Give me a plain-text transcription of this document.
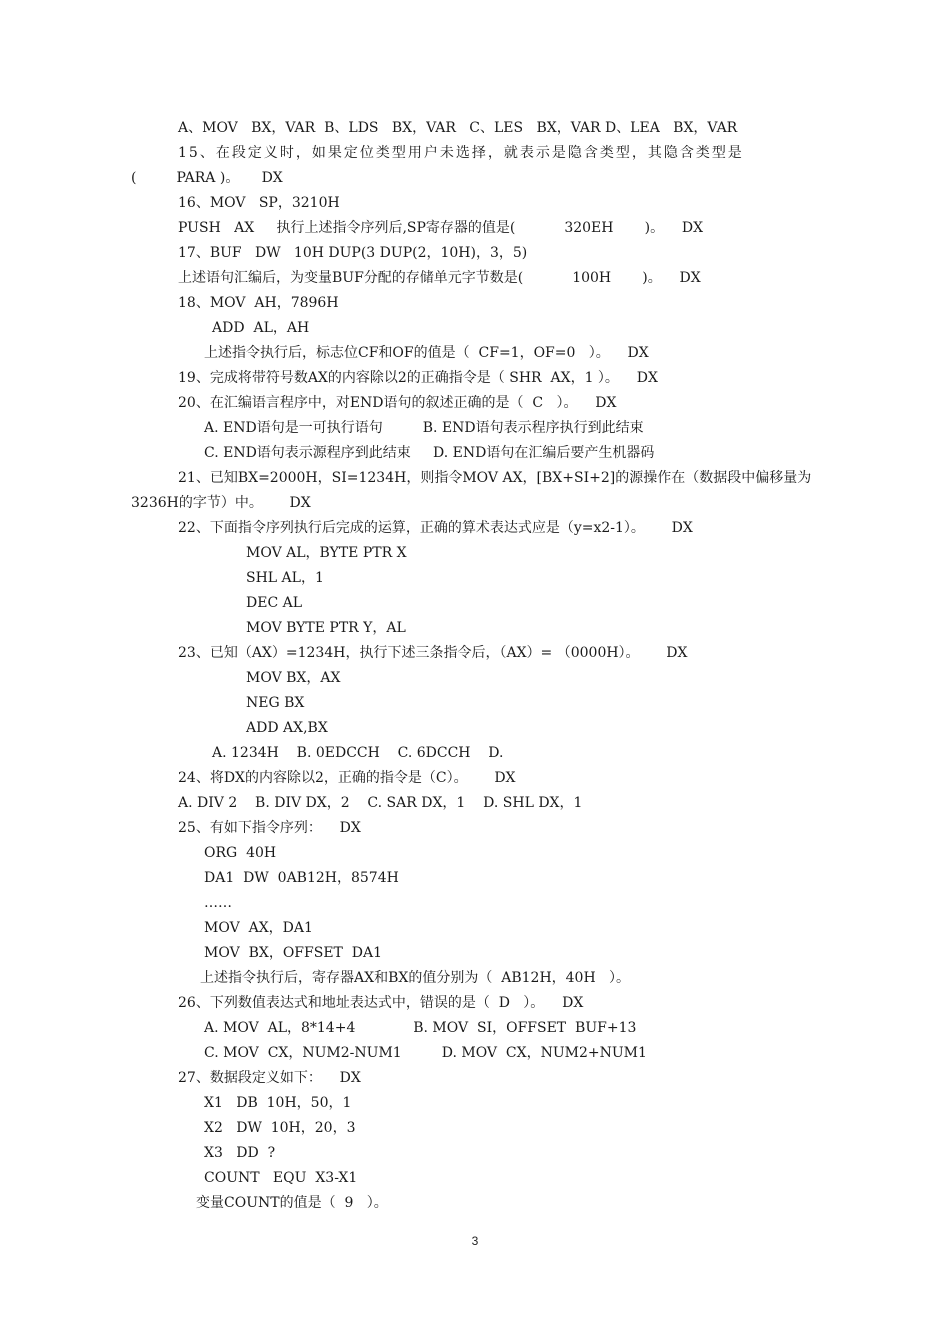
A、MOV   BX，VAR  B、LDS   BX，VAR   C、LES   BX，VAR D、LEA   BX，VAR
15、在段定义时，如果定位类型用户未选择，就表示是隐含类型，其隐含类型是
(         PARA )。     DX
16、MOV   SP，3210H
PUSH   AX     执行上述指令序列后,SP寄存器的值是(           320EH       )。    DX
17、BUF   DW   10H DUP(3 DUP(2，10H)，3，5)
上述语句汇编后，为变量BUF分配的存储单元字节数是(           100H       )。    DX
18、MOV  AH，7896H
ADD  AL，AH
上述指令执行后，标志位CF和OF的值是（  CF=1，OF=0   ）。    DX
19、完成将带符号数AX的内容除以2的正确指令是（ SHR  AX，1 ）。    DX
20、在汇编语言程序中，对END语句的叙述正确的是（  C   ）。    DX
A. END语句是一可执行语句         B. END语句表示程序执行到此结束
C. END语句表示源程序到此结束     D. END语句在汇编后要产生机器码
21、已知BX=2000H，SI=1234H，则指令MOV AX，[BX+SI+2]的源操作在（数据段中偏移量为
3236H的字节）中。      DX
22、下面指令序列执行后完成的运算，正确的算术表达式应是（y=x2-1）。      DX
MOV AL，BYTE PTR X
SHL AL，1
DEC AL
MOV BYTE PTR Y，AL
23、已知（AX）=1234H，执行下述三条指令后，（AX）= （0000H）。      DX
MOV BX，AX
NEG BX
ADD AX,BX
A. 1234H    B. 0EDCCH    C. 6DCCH    D.
24、将DX的内容除以2，正确的指令是（C）。      DX
A. DIV 2    B. DIV DX，2    C. SAR DX，1    D. SHL DX，1
25、有如下指令序列：    DX
ORG  40H
DA1  DW  0AB12H，8574H
……
MOV  AX，DA1
MOV  BX，OFFSET  DA1
上述指令执行后，寄存器AX和BX的值分别为（  AB12H，40H   ）。
26、下列数值表达式和地址表达式中，错误的是（  D   ）。    DX
A. MOV  AL，8*14+4             B. MOV  SI，OFFSET  BUF+13
C. MOV  CX，NUM2-NUM1         D. MOV  CX，NUM2+NUM1
27、数据段定义如下：    DX
X1   DB  10H，50，1
X2   DW  10H，20，3
X3   DD  ?
COUNT   EQU  X3-X1
变量COUNT的值是（  9   ）。
3
